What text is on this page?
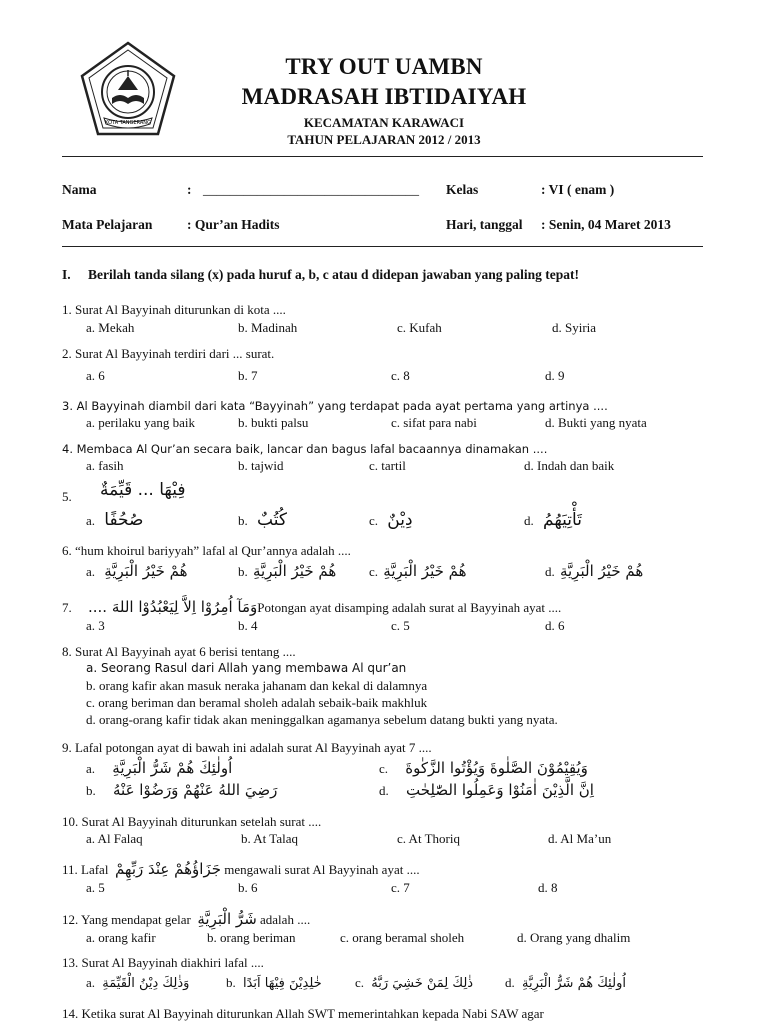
KOTA TANGERANG
TRY OUT UAMBN
MADRASAH IBTIDAIYAH
KECAMATAN KARAWACI
TAHUN PELAJARAN 2012 / 2013
Nama	: ________________________________ Kelas	: VI ( enam )
Mata Pelajaran	: Qur’an Hadits	Hari, tanggal : Senin, 04 Maret 2013
I. Berilah tanda silang (x) pada huruf a, b, c atau d didepan jawaban yang paling tepat!
1. Surat Al Bayyinah diturunkan di kota ....
a. Mekah	b. Madinah	c. Kufah	d. Syiria
2. Surat Al Bayyinah terdiri dari ... surat.
a. 6	b. 7	c. 8	d. 9
3. Al Bayyinah diambil dari kata “Bayyinah” yang terdapat pada ayat pertama yang artinya ....
a. perilaku yang baik	b. bukti palsu	c. sifat para nabi	d. Bukti yang nyata
4. Membaca Al Qur’an secara baik, lancar dan bagus lafal bacaannya dinamakan ....
a. fasih	b. tajwid	c. tartil	d. Indah dan baik
5. فِيْهَا ... قَيِّمَةٌ
a. صُحُفًا	b. كُتُبٌ	c. دِيْنٌ	d. تَأْتِيَهُمُ
6. “hum khoirul bariyyah” lafal al Qur’annya adalah ....
a. هُمْ خَيْرُ الْبَرِيَّةِ	b. هُمْ خَيْرُ الْبَرِيَّةِ	c. هُمْ خَيْرُ الْبَرِيَّةِ	d. هُمْ خَيْرُ الْبَرِيَّةِ
7. وَمَآ اُمِرُوْا اِلاَّ لِيَعْبُدُوْا اللهَ ....Potongan ayat disamping adalah surat al Bayyinah ayat ....
a. 3	b. 4	c. 5	d. 6
8. Surat Al Bayyinah ayat 6 berisi tentang ....
a. Seorang Rasul dari Allah yang membawa Al qur’an
b. orang kafir akan masuk neraka jahanam dan kekal di dalamnya
c. orang beriman dan beramal sholeh adalah sebaik-baik makhluk
d. orang-orang kafir tidak akan meninggalkan agamanya sebelum datang bukti yang nyata.
9. Lafal potongan ayat di bawah ini adalah surat Al Bayyinah ayat 7 ....
a. اُولٰئِكَ هُمْ شَرُّ الْبَرِيَّةِ	c. وَيُقِيْمُوْنَ الصَّلٰوةَ وَيُؤْتُوا الزَّكٰوةَ
b. رَضِيَ اللهُ عَنْهُمْ وَرَضُوْا عَنْهُ	d. اِنَّ الَّذِيْنَ اٰمَنُوْا وَعَمِلُوا الصّٰلِحٰتِ
10. Surat Al Bayyinah diturunkan setelah surat ....
a. Al Falaq	b. At Talaq	c. At Thoriq	d. Al Ma’un
11. Lafal جَزَاؤُهُمْ عِنْدَ رَبِّهِمْ mengawali surat Al Bayyinah ayat ....
a. 5	b. 6	c. 7	d. 8
12. Yang mendapat gelar شَرُّ الْبَرِيَّةِ adalah ....
a. orang kafir	b. orang beriman	c. orang beramal sholeh	d. Orang yang dhalim
13. Surat Al Bayyinah diakhiri lafal ....
a. وَذٰلِكَ دِيْنُ الْقَيِّمَةِ	b. خٰلِدِيْنَ فِيْهَا اَبَدًا	c. ذٰلِكَ لِمَنْ خَشِيَ رَبَّهُ d. اُولٰئِكَ هُمْ شَرُّ الْبَرِيَّةِ
14. Ketika surat Al Bayyinah diturunkan Allah SWT memerintahkan kepada Nabi SAW agar
